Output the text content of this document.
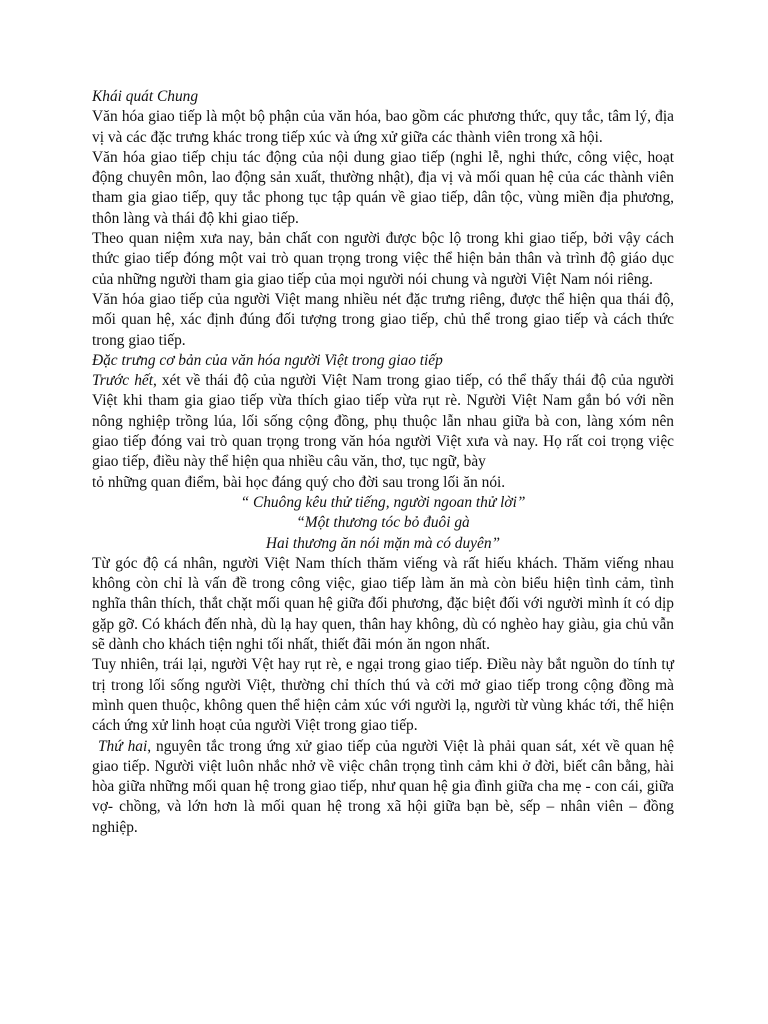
Khái quát Chung

Văn hóa giao tiếp là một bộ phận của văn hóa, bao gồm các phương thức, quy tắc, tâm lý, địa vị và các đặc trưng khác trong tiếp xúc và ứng xử giữa các thành viên trong xã hội.

Văn hóa giao tiếp chịu tác động của nội dung giao tiếp (nghi lễ, nghi thức, công việc, hoạt động chuyên môn, lao động sản xuất, thường nhật), địa vị và mối quan hệ của các thành viên tham gia giao tiếp, quy tắc phong tục tập quán về giao tiếp, dân tộc, vùng miền địa phương, thôn làng và thái độ khi giao tiếp.

Theo quan niệm xưa nay, bản chất con người được bộc lộ trong khi giao tiếp, bởi vậy cách thức giao tiếp đóng một vai trò quan trọng trong việc thể hiện bản thân và trình độ giáo dục của những người tham gia giao tiếp của mọi người nói chung và người Việt Nam nói riêng.

Văn hóa giao tiếp của người Việt mang nhiều nét đặc trưng riêng, được thể hiện qua thái độ, mối quan hệ, xác định đúng đối tượng trong giao tiếp, chủ thể trong giao tiếp và cách thức trong giao tiếp.

Đặc trưng cơ bản của văn hóa người Việt trong giao tiếp

Trước hết, xét về thái độ của người Việt Nam trong giao tiếp, có thể thấy thái độ của người Việt khi tham gia giao tiếp vừa thích giao tiếp vừa rụt rè. Người Việt Nam gắn bó với nền nông nghiệp trồng lúa, lối sống cộng đồng, phụ thuộc lẫn nhau giữa bà con, làng xóm nên giao tiếp đóng vai trò quan trọng trong văn hóa người Việt xưa và nay. Họ rất coi trọng việc giao tiếp, điều này thể hiện qua nhiều câu văn, thơ, tục ngữ, bày

tỏ những quan điểm, bài học đáng quý cho đời sau trong lối ăn nói.

“ Chuông kêu thử tiếng, người ngoan thử lời”

“Một thương tóc bỏ đuôi gà

Hai thương ăn nói mặn mà có duyên”

Từ góc độ cá nhân, người Việt Nam thích thăm viếng và rất hiếu khách. Thăm viếng nhau không còn chỉ là vấn đề trong công việc, giao tiếp làm ăn mà còn biểu hiện tình cảm, tình nghĩa thân thích, thắt chặt mối quan hệ giữa đối phương, đặc biệt đối với người mình ít có dịp gặp gỡ. Có khách đến nhà, dù lạ hay quen, thân hay không, dù có nghèo hay giàu, gia chủ vẫn sẽ dành cho khách tiện nghi tối nhất, thiết đãi món ăn ngon nhất.

Tuy nhiên, trái lại, người Vệt hay rụt rè, e ngại trong giao tiếp. Điều này bắt nguồn do tính tự trị trong lối sống người Việt, thường chỉ thích thú và cởi mở giao tiếp trong cộng đồng mà mình quen thuộc, không quen thể hiện cảm xúc với người lạ, người từ vùng khác tới, thể hiện cách ứng xử linh hoạt của người Việt trong giao tiếp.

Thứ hai, nguyên tắc trong ứng xử giao tiếp của người Việt là phải quan sát, xét về quan hệ giao tiếp. Người việt luôn nhắc nhở về việc chân trọng tình cảm khi ở đời, biết cân bằng, hài hòa giữa những mối quan hệ trong giao tiếp, như quan hệ gia đình giữa cha mẹ - con cái, giữa vợ- chồng, và lớn hơn là mối quan hệ trong xã hội giữa bạn bè, sếp – nhân viên – đồng nghiệp.
